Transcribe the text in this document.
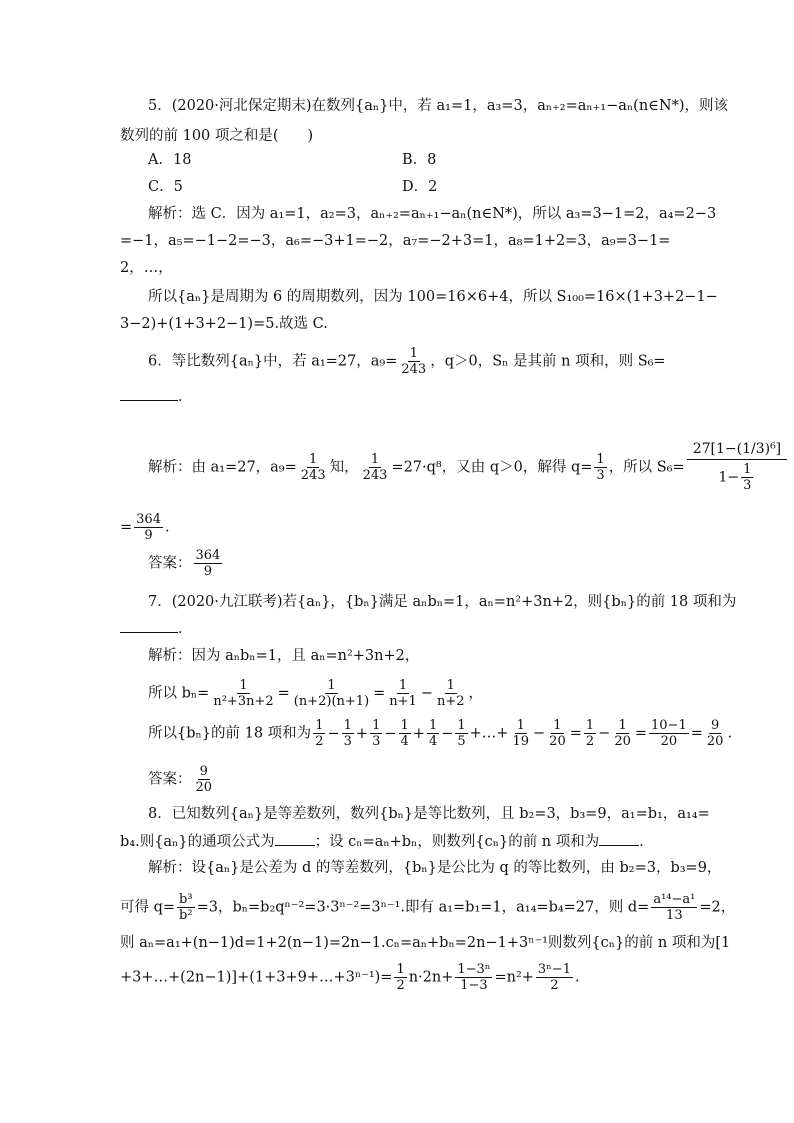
5．(2020·河北保定期末)在数列{aₙ}中，若 a₁=1，a₃=3，aₙ₊₂=aₙ₊₁−aₙ(n∈N*)，则该
数列的前 100 项之和是(　　)
A．18	B．8
C．5	D．2
解析：选 C．因为 a₁=1，a₂=3，aₙ₊₂=aₙ₊₁−aₙ(n∈N*)，所以 a₃=3−1=2，a₄=2−3
=−1，a₅=−1−2=−3，a₆=−3+1=−2，a₇=−2+3=1，a₈=1+2=3，a₉=3−1=
2，…，
所以{aₙ}是周期为 6 的周期数列，因为 100=16×6+4，所以 S₁₀₀=16×(1+3+2−1−
3−2)+(1+3+2−1)=5.故选 C.
6．等比数列{aₙ}中，若 a₁=27，$a_9= \frac{1}{243}$ ，q＞0，Sₙ 是其前 n 项和，则 S₆=
．
解析：由 a₁=27，$a_9= \frac{1}{243}$ 知， $\frac{1}{243} =27\cdot q^8$，又由 q＞0，解得 $q= \frac{1}{3}$ ，所以 $S_6= \frac{\text{27[1−(1/3)⁶]}}{1- \frac{1}{3}}$
= $\frac{364}{9}$ .
答案： $\frac{364}{9}$
7．(2020·九江联考)若{aₙ}，{bₙ}满足 aₙbₙ=1，aₙ=n²+3n+2，则{bₙ}的前 18 项和为
．
解析：因为 aₙbₙ=1，且 aₙ=n²+3n+2，
所以 $b_n= \frac{1}{\text{n²+3n+2}} = \frac{1}{(n+2)(n+1)} = \frac{1}{n+1} - \frac{1}{n+2}$ ，
所以{bₙ}的前 18 项和为 $\frac{1}{2} - \frac{1}{3} + \frac{1}{3} - \frac{1}{4} + \frac{1}{4} - \frac{1}{5}$ +…+ $\frac{1}{19} - \frac{1}{20} = \frac{1}{2} - \frac{1}{20} = \frac{10-1}{20} = \frac{9}{20}$ .
答案： $\frac{9}{20}$
8．已知数列{aₙ}是等差数列，数列{bₙ}是等比数列，且 b₂=3，b₃=9，a₁=b₁，a₁₄=
b₄.则{aₙ}的通项公式为	；设 cₙ=aₙ+bₙ，则数列{cₙ}的前 n 项和为	．
解析：设{aₙ}是公差为 d 的等差数列，{bₙ}是公比为 q 的等比数列，由 b₂=3，b₃=9，
可得 $q= \frac{\text{b³}}{\text{b²}} =3$，bₙ=b₂qⁿ⁻²=3·3ⁿ⁻²=3ⁿ⁻¹.即有 a₁=b₁=1，a₁₄=b₄=27，则 $d= \frac{\text{a¹⁴−a¹}}{13} =2$，
则 aₙ=a₁+(n−1)d=1+2(n−1)=2n−1.cₙ=aₙ+bₙ=2n−1+3ⁿ⁻¹则数列{cₙ}的前 n 项和为[1
+3+…+(2n−1)]+(1+3+9+…+3ⁿ⁻¹)= $\frac{1}{2} n\cdot 2n+ \frac{\text{1−3ⁿ}}{1-3} =n^2+ \frac{\text{3ⁿ−1}}{2}$ .
